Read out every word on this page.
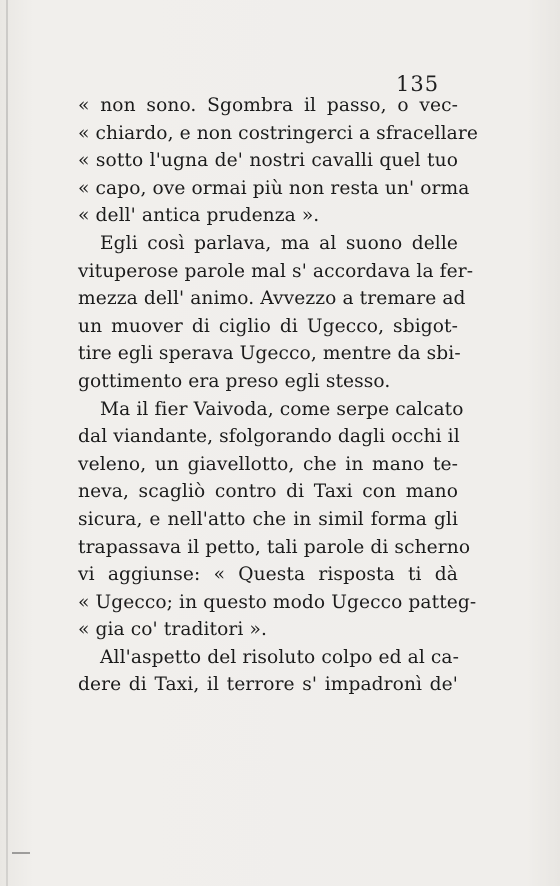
135
« non sono. Sgombra il passo, o vec-
« chiardo, e non costringerci a sfracellare
« sotto l'ugna de' nostri cavalli quel tuo
« capo, ove ormai più non resta un' orma
« dell' antica prudenza ».
Egli così parlava, ma al suono delle
vituperose parole mal s' accordava la fer-
mezza dell' animo. Avvezzo a tremare ad
un muover di ciglio di Ugecco, sbigot-
tire egli sperava Ugecco, mentre da sbi-
gottimento era preso egli stesso.
Ma il fier Vaivoda, come serpe calcato
dal viandante, sfolgorando dagli occhi il
veleno, un giavellotto, che in mano te-
neva, scagliò contro di Taxi con mano
sicura, e nell'atto che in simil forma gli
trapassava il petto, tali parole di scherno
vi aggiunse: « Questa risposta ti dà
« Ugecco; in questo modo Ugecco patteg-
« gia co' traditori ».
All'aspetto del risoluto colpo ed al ca-
dere di Taxi, il terrore s' impadronì de'
